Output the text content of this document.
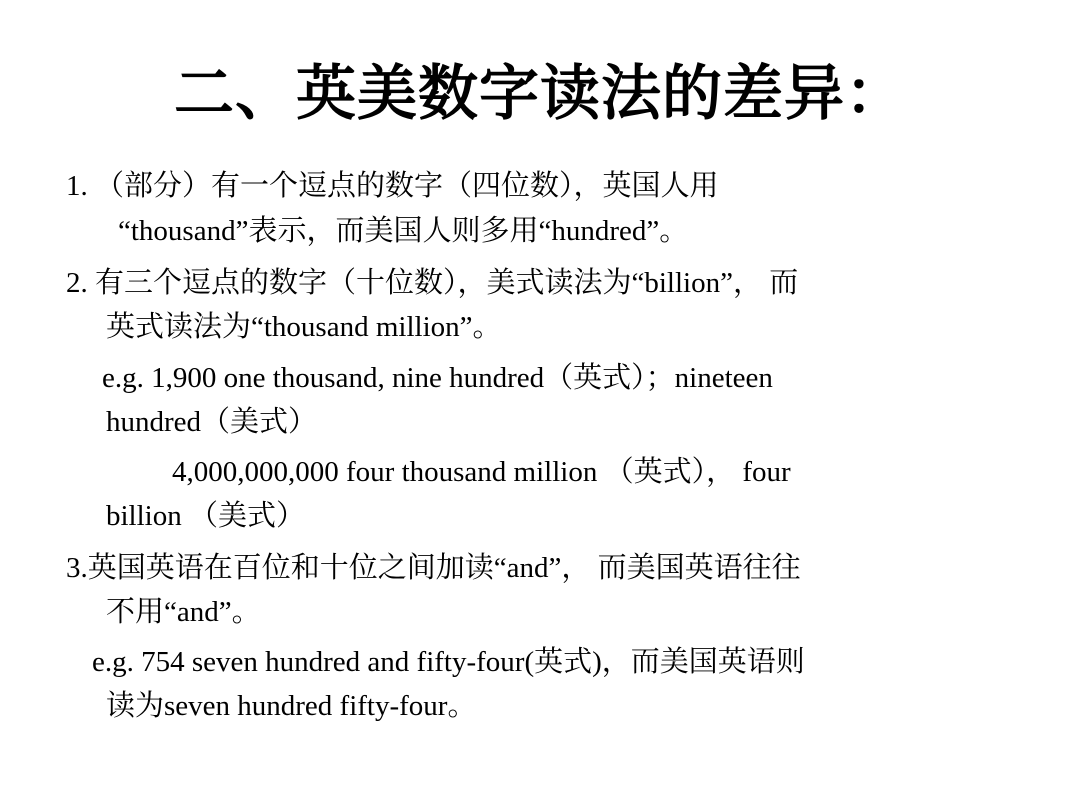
二、英美数字读法的差异：
1. （部分）有一个逗点的数字（四位数），英国人用
“thousand”表示，而美国人则多用“hundred”。
2. 有三个逗点的数字（十位数），美式读法为“billion”， 而
英式读法为“thousand million”。
e.g. 1,900 one thousand, nine hundred（英式）；nineteen
hundred（美式）
4,000,000,000 four thousand million （英式）， four
billion （美式）
3.英国英语在百位和十位之间加读“and”， 而美国英语往往
不用“and”。
e.g. 754 seven hundred and fifty-four(英式)，而美国英语则
读为seven hundred fifty-four。
